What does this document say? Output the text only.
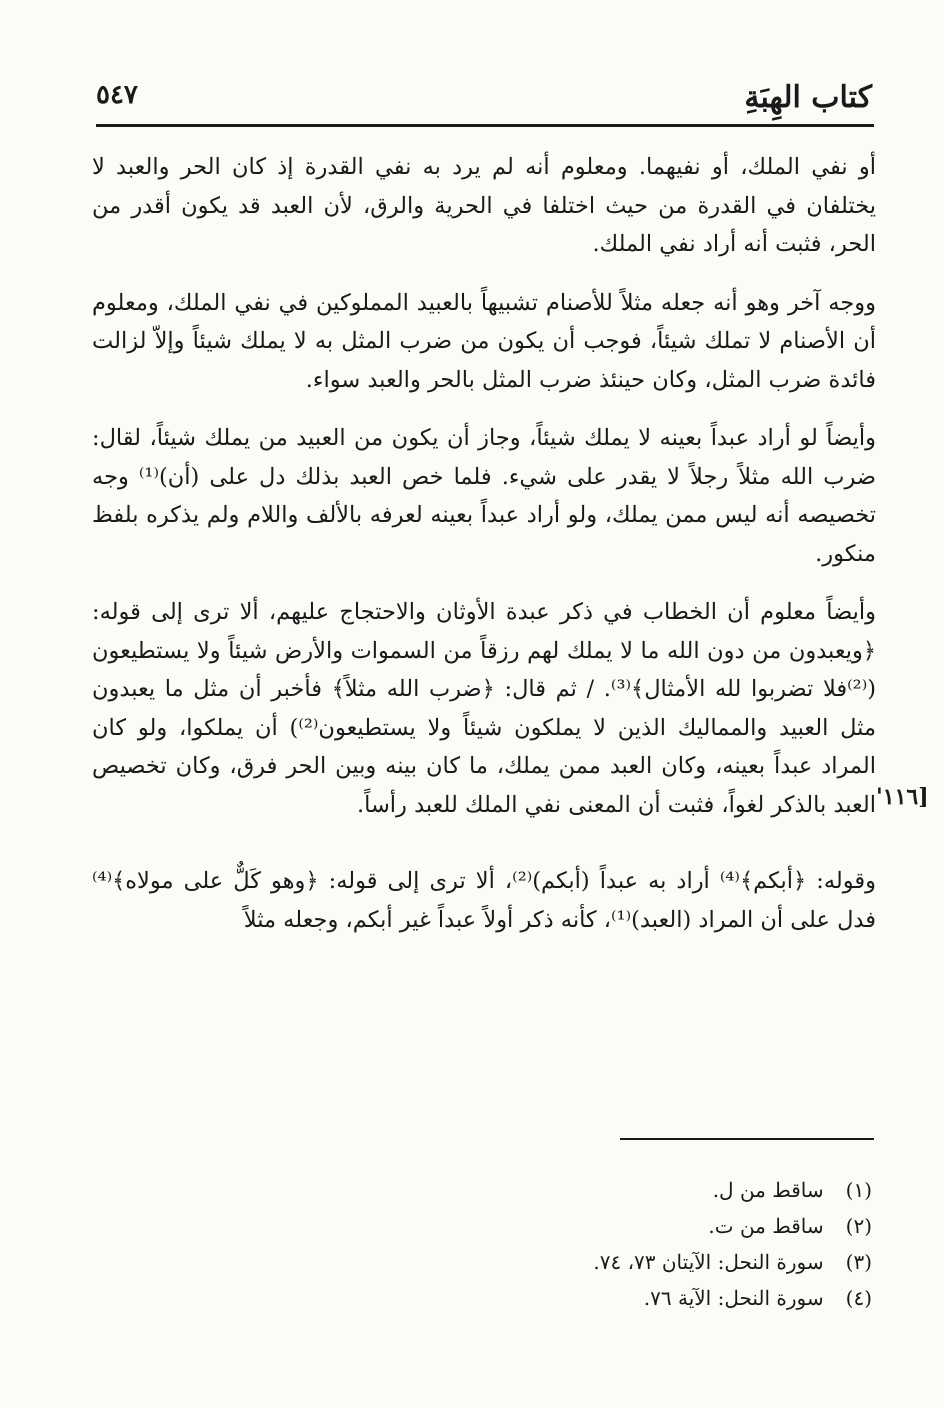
كتاب الهِبَةِ
٥٤٧

أو نفي الملك، أو نفيهما. ومعلوم أنه لم يرد به نفي القدرة إذ كان الحر والعبد لا يختلفان في القدرة من حيث اختلفا في الحرية والرق، لأن العبد قد يكون أقدر من الحر، فثبت أنه أراد نفي الملك.

ووجه آخر وهو أنه جعله مثلاً للأصنام تشبيهاً بالعبيد المملوكين في نفي الملك، ومعلوم أن الأصنام لا تملك شيئاً، فوجب أن يكون من ضرب المثل به لا يملك شيئاً وإلاّ لزالت فائدة ضرب المثل، وكان حينئذ ضرب المثل بالحر والعبد سواء.

وأيضاً لو أراد عبداً بعينه لا يملك شيئاً، وجاز أن يكون من العبيد من يملك شيئاً، لقال: ضرب الله مثلاً رجلاً لا يقدر على شيء. فلما خص العبد بذلك دل على (أن)⁽¹⁾ وجه تخصيصه أنه ليس ممن يملك، ولو أراد عبداً بعينه لعرفه بالألف واللام ولم يذكره بلفظ منكور.

وأيضاً معلوم أن الخطاب في ذكر عبدة الأوثان والاحتجاج عليهم، ألا ترى إلى قوله: ﴿ويعبدون من دون الله ما لا يملك لهم رزقاً من السموات والأرض شيئاً ولا يستطيعون (⁽²⁾فلا تضربوا لله الأمثال﴾⁽³⁾. / ثم قال: ﴿ضرب الله مثلاً﴾ فأخبر أن مثل ما يعبدون مثل العبيد والمماليك الذين لا يملكون شيئاً ولا يستطيعون⁽²⁾) أن يملكوا، ولو كان المراد عبداً بعينه، وكان العبد ممن يملك، ما كان بينه وبين الحر فرق، وكان تخصيص العبد بالذكر لغواً، فثبت أن المعنى نفي الملك للعبد رأساً.

وقوله: ﴿أبكم﴾⁽⁴⁾ أراد به عبداً (أبكم)⁽²⁾، ألا ترى إلى قوله: ﴿وهو كَلٌّ على مولاه﴾⁽⁴⁾ فدل على أن المراد (العبد)⁽¹⁾، كأنه ذكر أولاً عبداً غير أبكم، وجعله مثلاً

[١١٦'

(١) ساقط من ل.

(٢) ساقط من ت.

(٣) سورة النحل: الآيتان ٧٣، ٧٤.

(٤) سورة النحل: الآية ٧٦.
